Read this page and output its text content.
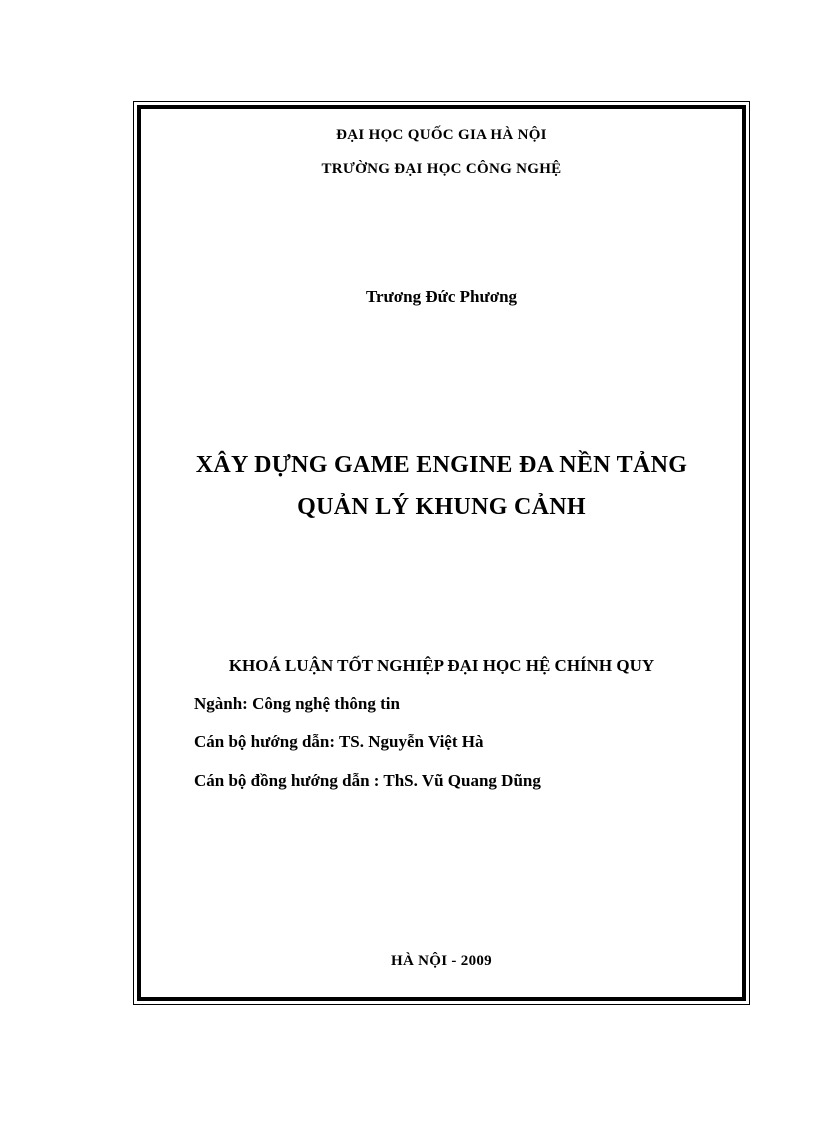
ĐẠI HỌC QUỐC GIA HÀ NỘI
TRƯỜNG ĐẠI HỌC CÔNG NGHỆ
Trương Đức Phương
XÂY DỰNG GAME ENGINE ĐA NỀN TẢNG
QUẢN LÝ KHUNG CẢNH
KHOÁ LUẬN TỐT NGHIỆP ĐẠI HỌC HỆ CHÍNH QUY
Ngành: Công nghệ thông tin
Cán bộ hướng dẫn: TS. Nguyễn Việt Hà
Cán bộ đồng hướng dẫn : ThS. Vũ Quang Dũng
HÀ NỘI - 2009
